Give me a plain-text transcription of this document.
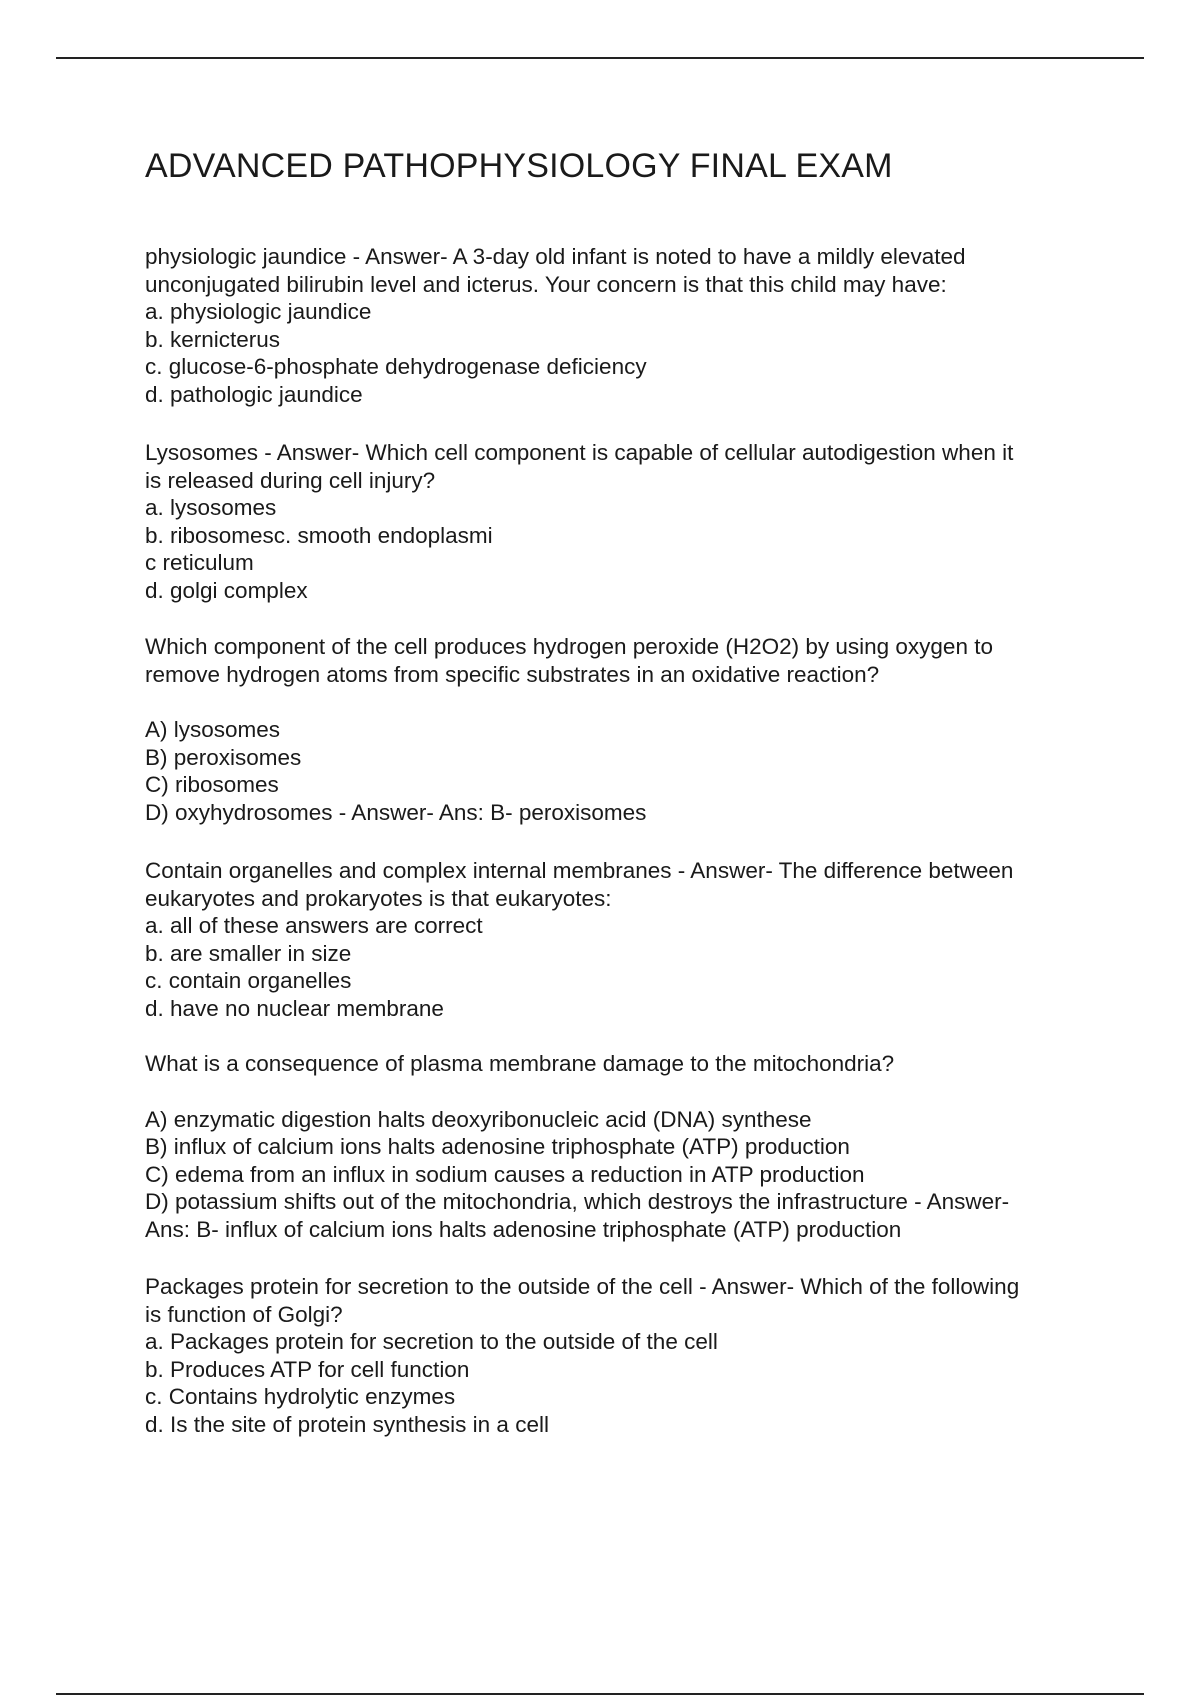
ADVANCED PATHOPHYSIOLOGY FINAL EXAM
physiologic jaundice - Answer- A 3-day old infant is noted to have a mildly elevated
unconjugated bilirubin level and icterus. Your concern is that this child may have:
a. physiologic jaundice
b. kernicterus
c. glucose-6-phosphate dehydrogenase deficiency
d. pathologic jaundice
Lysosomes - Answer- Which cell component is capable of cellular autodigestion when it
is released during cell injury?
a. lysosomes
b. ribosomesc. smooth endoplasmi
c reticulum
d. golgi complex
Which component of the cell produces hydrogen peroxide (H2O2) by using oxygen to
remove hydrogen atoms from specific substrates in an oxidative reaction?
A) lysosomes
B) peroxisomes
C) ribosomes
D) oxyhydrosomes - Answer- Ans: B- peroxisomes
Contain organelles and complex internal membranes - Answer- The difference between
eukaryotes and prokaryotes is that eukaryotes:
a. all of these answers are correct
b. are smaller in size
c. contain organelles
d. have no nuclear membrane
What is a consequence of plasma membrane damage to the mitochondria?
A) enzymatic digestion halts deoxyribonucleic acid (DNA) synthese
B) influx of calcium ions halts adenosine triphosphate (ATP) production
C) edema from an influx in sodium causes a reduction in ATP production
D) potassium shifts out of the mitochondria, which destroys the infrastructure - Answer-
Ans: B- influx of calcium ions halts adenosine triphosphate (ATP) production
Packages protein for secretion to the outside of the cell - Answer- Which of the following
is function of Golgi?
a. Packages protein for secretion to the outside of the cell
b. Produces ATP for cell function
c. Contains hydrolytic enzymes
d. Is the site of protein synthesis in a cell
